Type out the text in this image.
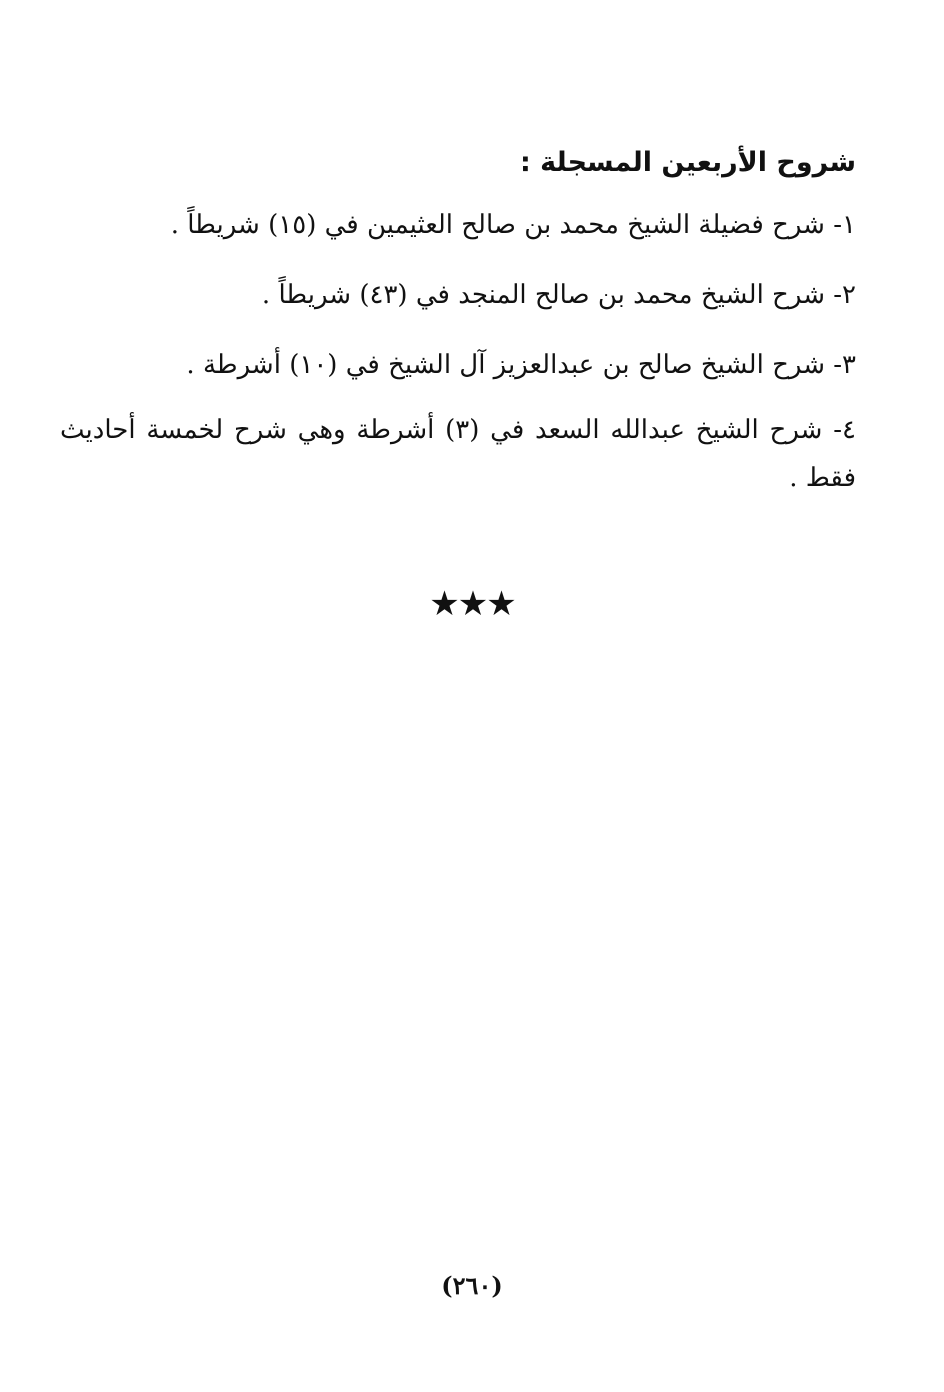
شروح الأربعين المسجلة :
١- شرح فضيلة الشيخ محمد بن صالح العثيمين في (١٥) شريطاً .
٢- شرح الشيخ محمد بن صالح المنجد في (٤٣) شريطاً .
٣- شرح الشيخ صالح بن عبدالعزيز آل الشيخ في (١٠) أشرطة .
٤- شرح الشيخ عبدالله السعد في (٣) أشرطة وهي شرح لخمسة أحاديث فقط .
★★★
(٢٦٠)
